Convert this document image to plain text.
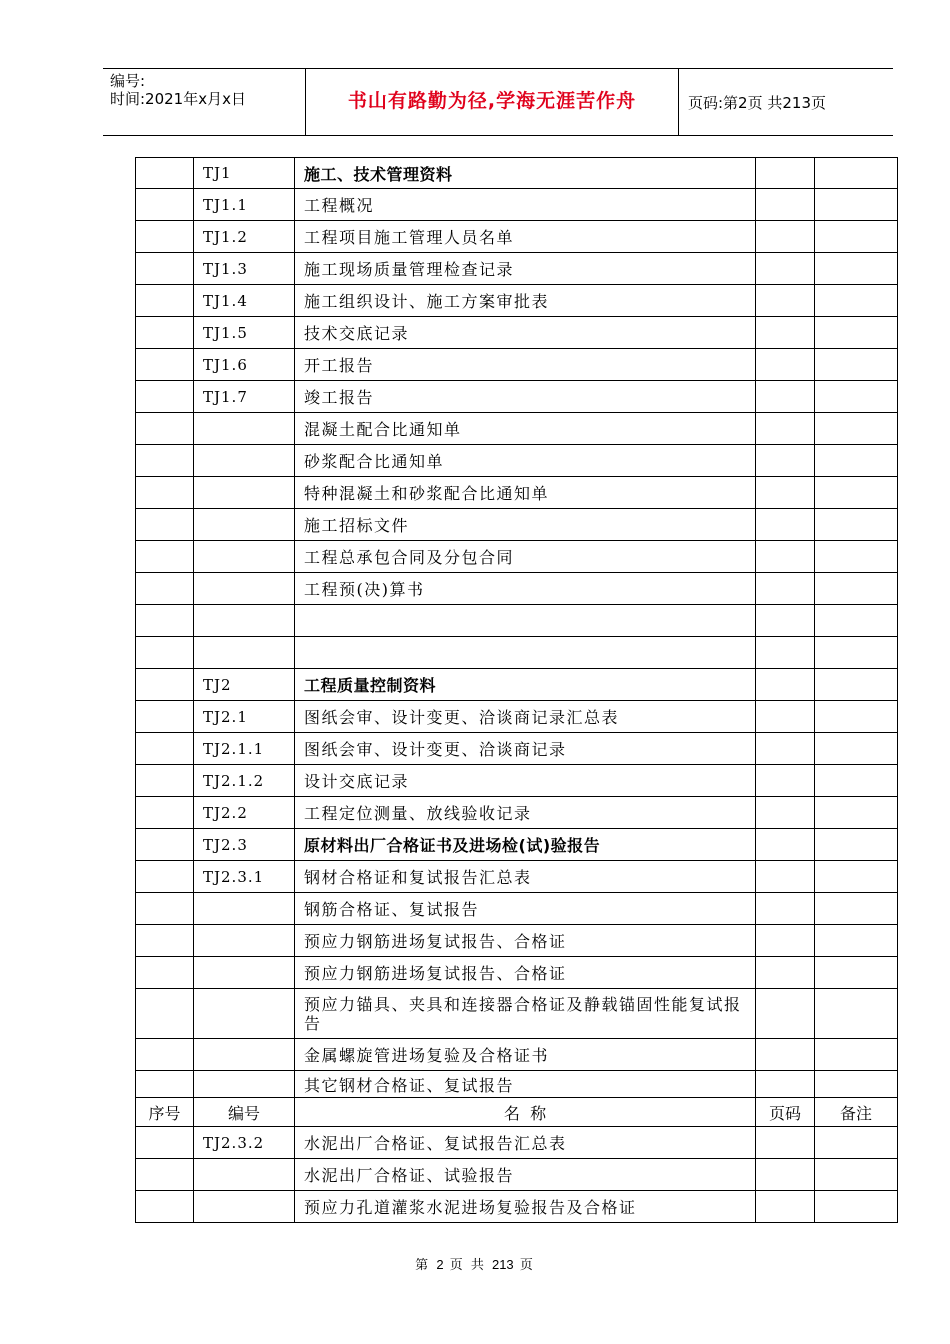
编号:
时间:2021年x月x日	书山有路勤为径,学海无涯苦作舟	页码:第2页 共213页
	TJ1	施工、技术管理资料		
	TJ1.1	工程概况		
	TJ1.2	工程项目施工管理人员名单		
	TJ1.3	施工现场质量管理检查记录		
	TJ1.4	施工组织设计、施工方案审批表		
	TJ1.5	技术交底记录		
	TJ1.6	开工报告		
	TJ1.7	竣工报告		
		混凝土配合比通知单		
		砂浆配合比通知单		
		特种混凝土和砂浆配合比通知单		
		施工招标文件		
		工程总承包合同及分包合同		
		工程预(决)算书		

	TJ2	工程质量控制资料		
	TJ2.1	图纸会审、设计变更、洽谈商记录汇总表		
	TJ2.1.1	图纸会审、设计变更、洽谈商记录		
	TJ2.1.2	设计交底记录		
	TJ2.2	工程定位测量、放线验收记录		
	TJ2.3	原材料出厂合格证书及进场检(试)验报告		
	TJ2.3.1	钢材合格证和复试报告汇总表		
		钢筋合格证、复试报告		
		预应力钢筋进场复试报告、合格证		
		预应力钢筋进场复试报告、合格证		
		预应力锚具、夹具和连接器合格证及静载锚固性能复试报告		
		金属螺旋管进场复验及合格证书		
		其它钢材合格证、复试报告		
序号	编号	名  称	页码	备注
	TJ2.3.2	水泥出厂合格证、复试报告汇总表		
		水泥出厂合格证、试验报告		
		预应力孔道灌浆水泥进场复验报告及合格证		
第 2 页 共 213 页
